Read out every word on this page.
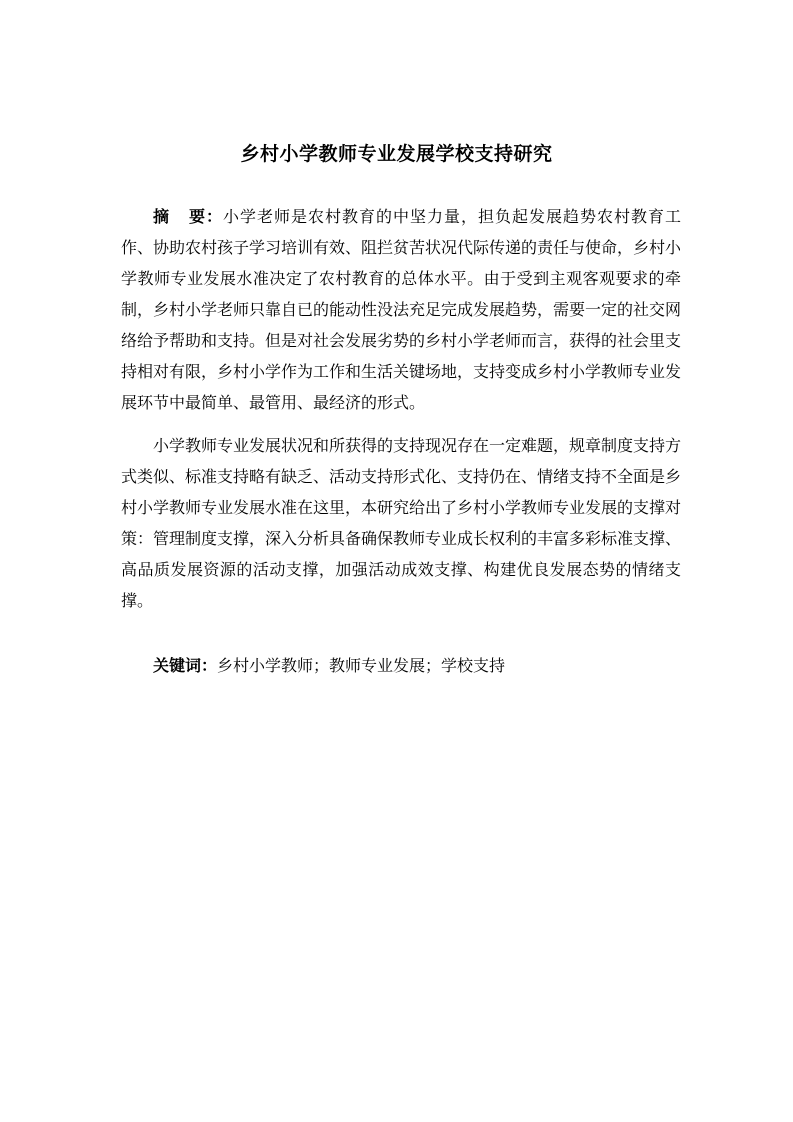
乡村小学教师专业发展学校支持研究
摘 要：小学老师是农村教育的中坚力量，担负起发展趋势农村教育工作、协助农村孩子学习培训有效、阻拦贫苦状况代际传递的责任与使命，乡村小学教师专业发展水准决定了农村教育的总体水平。由于受到主观客观要求的牵制，乡村小学老师只靠自已的能动性没法充足完成发展趋势，需要一定的社交网络给予帮助和支持。但是对社会发展劣势的乡村小学老师而言，获得的社会里支持相对有限，乡村小学作为工作和生活关键场地，支持变成乡村小学教师专业发展环节中最简单、最管用、最经济的形式。
小学教师专业发展状况和所获得的支持现况存在一定难题，规章制度支持方式类似、标准支持略有缺乏、活动支持形式化、支持仍在、情绪支持不全面是乡村小学教师专业发展水准在这里，本研究给出了乡村小学教师专业发展的支撑对策：管理制度支撑，深入分析具备确保教师专业成长权利的丰富多彩标准支撑、高品质发展资源的活动支撑，加强活动成效支撑、构建优良发展态势的情绪支撑。
关键词：乡村小学教师；教师专业发展；学校支持
